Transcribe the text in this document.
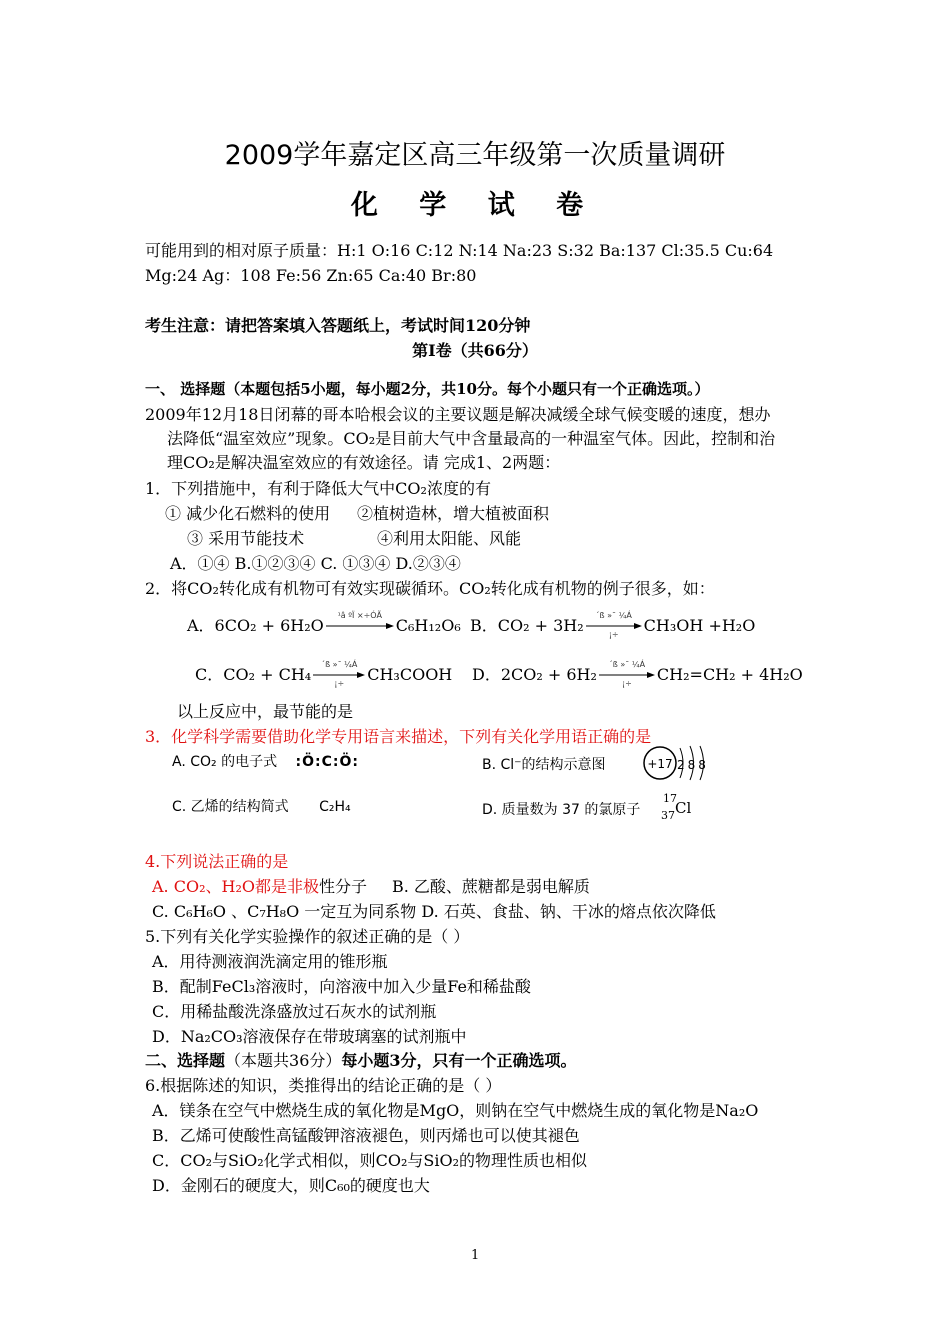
2009学年嘉定区高三年级第一次质量调研
化 学 试 卷
可能用到的相对原子质量：H:1 O:16 C:12 N:14 Na:23 S:32 Ba:137 Cl:35.5 Cu:64
Mg:24 Ag：108 Fe:56 Zn:65 Ca:40 Br:80
考生注意：请把答案填入答题纸上，考试时间120分钟
第I卷（共66分）
一、 选择题（本题包括5小题，每小题2分，共10分。每个小题只有一个正确选项。）
2009年12月18日闭幕的哥本哈根会议的主要议题是解决减缓全球气候变暖的速度，想办
法降低“温室效应”现象。CO₂是目前大气中含量最高的一种温室气体。因此，控制和治
理CO₂是解决温室效应的有效途径。请 完成1、2两题：
1．下列措施中，有利于降低大气中CO₂浓度的有
① 减少化石燃料的使用 ②植树造林，增大植被面积
③ 采用节能技术	④利用太阳能、风能
A．①④ B.①②③④ C. ①③④ D.②③④
2．将CO₂转化成有机物可有效实现碳循环。CO₂转化成有机物的例子很多，如：
A．6CO₂ + 6H₂O
¹â ºÏ ×÷ÓÃ
C₆H₁₂O₆ B．CO₂ + 3H₂
´ß »¯ ¼Á
¡÷	CH₃OH +H₂O
C．CO₂ + CH₄
´ß »¯ ¼Á
¡÷	CH₃COOH D．2CO₂ + 6H₂
´ß »¯ ¼Á
¡÷	CH₂=CH₂ + 4H₂O
以上反应中，最节能的是
3．化学科学需要借助化学专用语言来描述，下列有关化学用语正确的是
A. CO₂ 的电子式 :Ö:C:Ö:	B. Cl⁻的结构示意图	+17 288
C. 乙烯的结构简式 C₂H₄	D. 质量数为 37 的氯原子
17
37 Cl
4.下列说法正确的是
A. CO₂、H₂O都是非极性分子 B. 乙酸、蔗糖都是弱电解质
C. C₆H₆O 、C₇H₈O 一定互为同系物 D. 石英、食盐、钠、干冰的熔点依次降低
5.下列有关化学实验操作的叙述正确的是（ ）
A．用待测液润洗滴定用的锥形瓶
B．配制FeCl₃溶液时，向溶液中加入少量Fe和稀盐酸
C．用稀盐酸洗涤盛放过石灰水的试剂瓶
D．Na₂CO₃溶液保存在带玻璃塞的试剂瓶中
二、选择题（本题共36分）每小题3分，只有一个正确选项。
6.根据陈述的知识，类推得出的结论正确的是（ ）
A．镁条在空气中燃烧生成的氧化物是MgO，则钠在空气中燃烧生成的氧化物是Na₂O
B．乙烯可使酸性高锰酸钾溶液褪色，则丙烯也可以使其褪色
C．CO₂与SiO₂化学式相似，则CO₂与SiO₂的物理性质也相似
D．金刚石的硬度大，则C₆₀的硬度也大
1
